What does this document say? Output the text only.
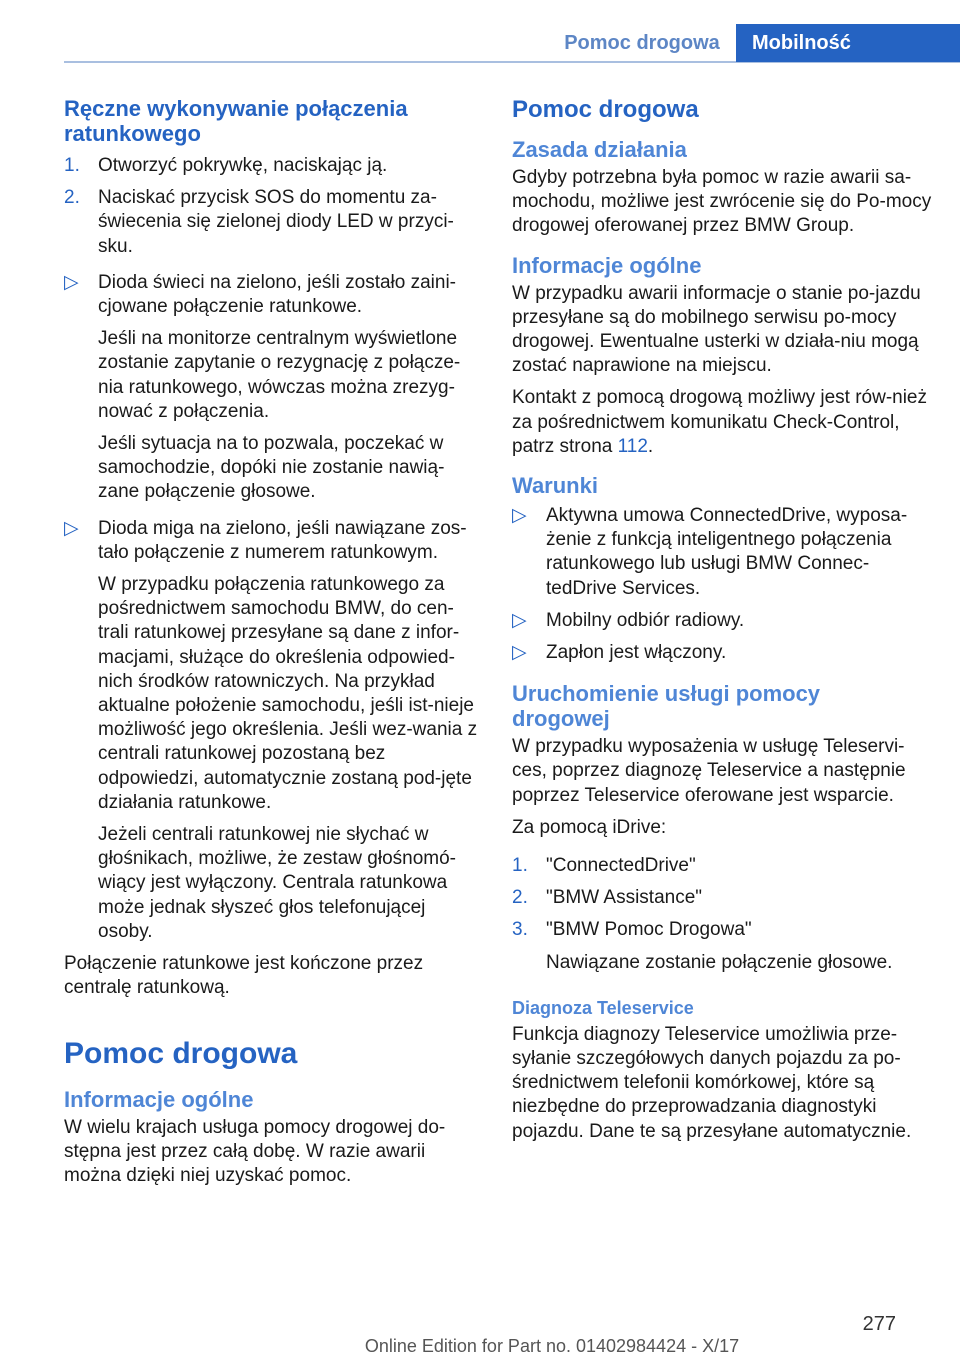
Pomoc drogowa	Mobilność
Ręczne wykonywanie połączenia ratunkowego
1. Otworzyć pokrywkę, naciskając ją.
2. Naciskać przycisk SOS do momentu za‐świecenia się zielonej diody LED w przyci‐sku.
▷ Dioda świeci na zielono, jeśli zostało zaini‐cjowane połączenie ratunkowe.

Jeśli na monitorze centralnym wyświetlone zostanie zapytanie o rezygnację z połącze‐nia ratunkowego, wówczas można zrezyg‐nować z połączenia.

Jeśli sytuacja na to pozwala, poczekać w samochodzie, dopóki nie zostanie nawią‐zane połączenie głosowe.

▷ Dioda miga na zielono, jeśli nawiązane zos‐tało połączenie z numerem ratunkowym.

W przypadku połączenia ratunkowego za pośrednictwem samochodu BMW, do cen‐trali ratunkowej przesyłane są dane z infor‐macjami, służące do określenia odpowied‐nich środków ratowniczych. Na przykład aktualne położenie samochodu, jeśli ist‐nieje możliwość jego określenia. Jeśli wez‐wania z centrali ratunkowej pozostaną bez odpowiedzi, automatycznie zostaną pod‐jęte działania ratunkowe.

Jeżeli centrali ratunkowej nie słychać w głośnikach, możliwe, że zestaw głośnomó‐wiący jest wyłączony. Centrala ratunkowa może jednak słyszeć głos telefonującej osoby.

Połączenie ratunkowe jest kończone przez centralę ratunkową.

Pomoc drogowa
Informacje ogólne

W wielu krajach usługa pomocy drogowej do‐stępna jest przez całą dobę. W razie awarii można dzięki niej uzyskać pomoc.

Pomoc drogowa
Zasada działania

Gdyby potrzebna była pomoc w razie awarii sa‐mochodu, możliwe jest zwrócenie się do Po‐mocy drogowej oferowanej przez BMW Group.

Informacje ogólne

W przypadku awarii informacje o stanie po‐jazdu przesyłane są do mobilnego serwisu po‐mocy drogowej. Ewentualne usterki w działa‐niu mogą zostać naprawione na miejscu.

Kontakt z pomocą drogową możliwy jest rów‐nież za pośrednictwem komunikatu Check-Control, patrz strona 112.

Warunki
▷ Aktywna umowa ConnectedDrive, wyposa‐żenie z funkcją inteligentnego połączenia ratunkowego lub usługi BMW Connec‐tedDrive Services.
▷ Mobilny odbiór radiowy.
▷ Zapłon jest włączony.
Uruchomienie usługi pomocy drogowej

W przypadku wyposażenia w usługę Teleservi‐ces, poprzez diagnozę Teleservice a następnie poprzez Teleservice oferowane jest wsparcie.

Za pomocą iDrive:

1. "ConnectedDrive"
2. "BMW Assistance"
3. "BMW Pomoc Drogowa"

Nawiązane zostanie połączenie głosowe.

Diagnoza Teleservice

Funkcja diagnozy Teleservice umożliwia prze‐syłanie szczegółowych danych pojazdu za po‐średnictwem telefonii komórkowej, które są niezbędne do przeprowadzania diagnostyki pojazdu. Dane te są przesyłane automatycznie.

277
Online Edition for Part no. 01402984424 - X/17
